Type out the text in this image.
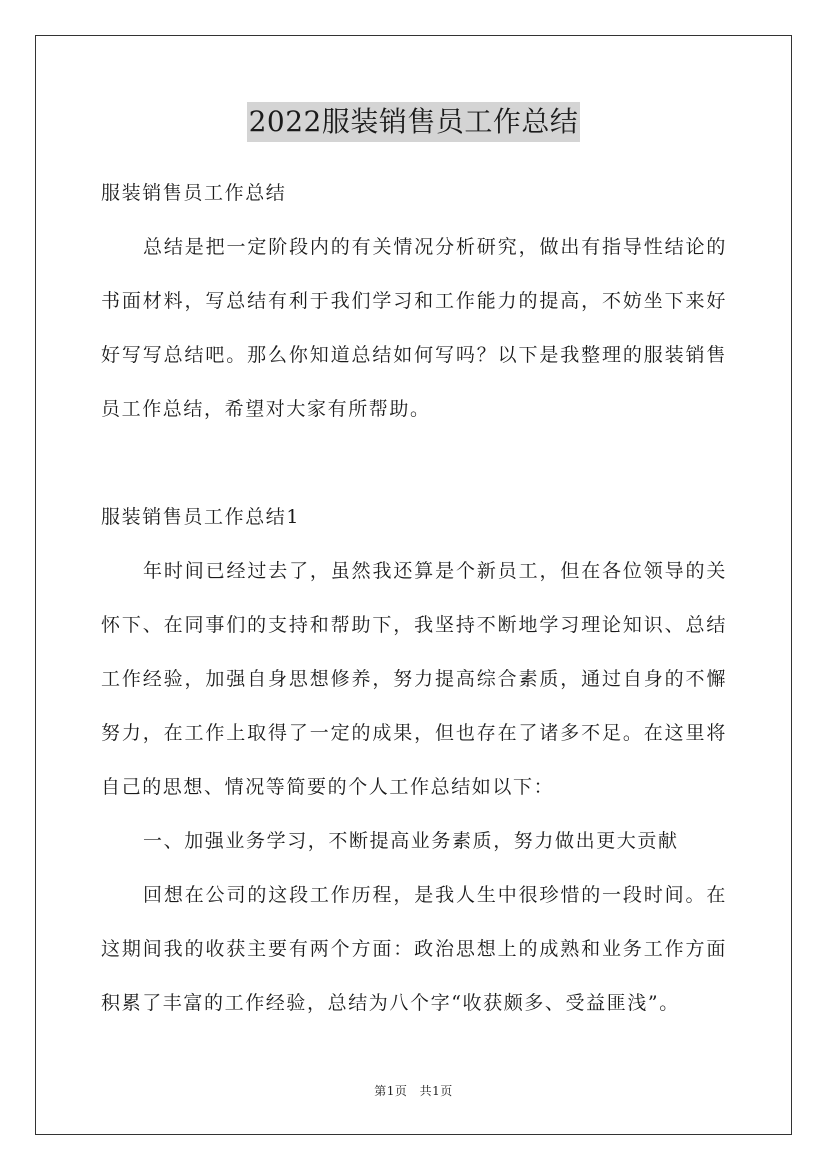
2022服装销售员工作总结

服装销售员工作总结

总结是把一定阶段内的有关情况分析研究，做出有指导性结论的书面材料，写总结有利于我们学习和工作能力的提高，不妨坐下来好好写写总结吧。那么你知道总结如何写吗？以下是我整理的服装销售员工作总结，希望对大家有所帮助。

服装销售员工作总结1

年时间已经过去了，虽然我还算是个新员工，但在各位领导的关怀下、在同事们的支持和帮助下，我坚持不断地学习理论知识、总结工作经验，加强自身思想修养，努力提高综合素质，通过自身的不懈努力，在工作上取得了一定的成果，但也存在了诸多不足。在这里将自己的思想、情况等简要的个人工作总结如以下：

一、加强业务学习，不断提高业务素质，努力做出更大贡献

回想在公司的这段工作历程，是我人生中很珍惜的一段时间。在这期间我的收获主要有两个方面：政治思想上的成熟和业务工作方面积累了丰富的工作经验，总结为八个字“收获颇多、受益匪浅”。

第1页 共1页
